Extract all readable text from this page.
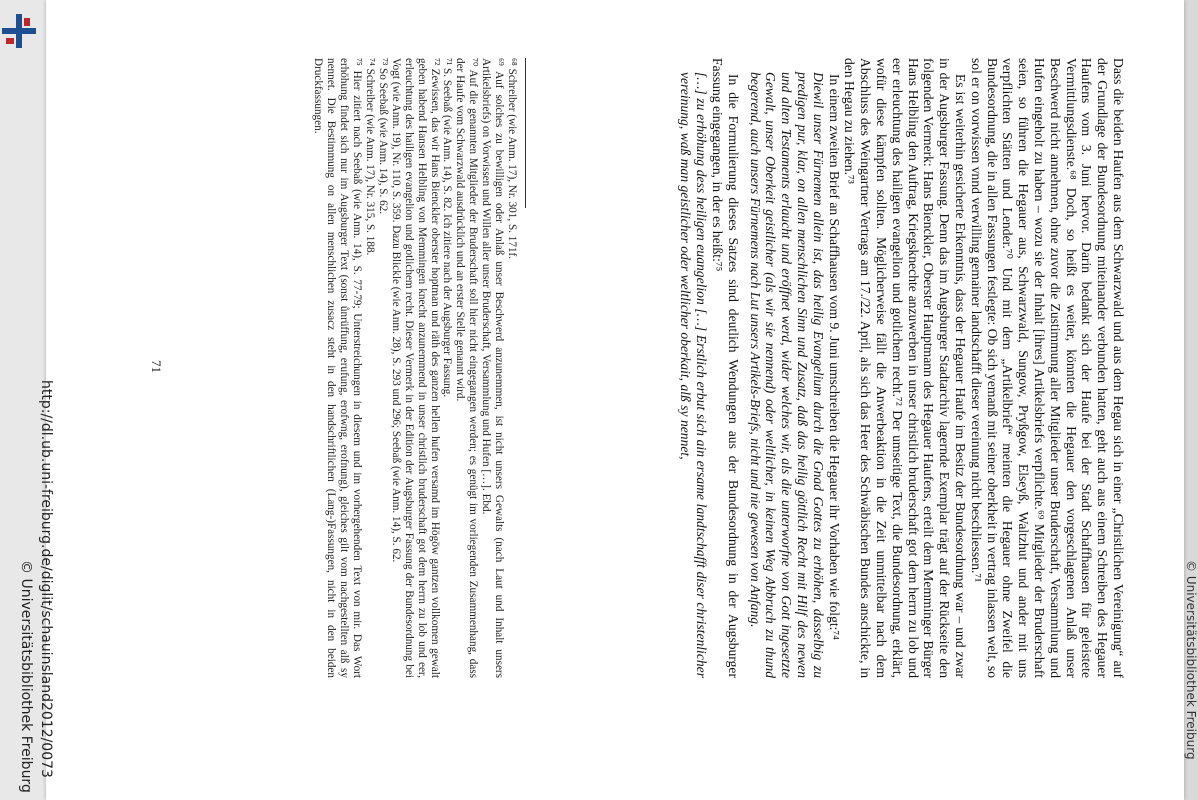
Dass die beiden Haufen aus dem Schwarzwald und aus dem Hegau sich in einer „Christlichen Vereinigung“ auf der Grundlage der Bundesordnung miteinander verbunden hatten, geht auch aus einem Schreiben des Hegauer Haufens vom 3. Juni hervor. Darin bedankt sich der Haufe bei der Stadt Schaffhausen für geleistete Vermittlungsdienste.⁶⁸ Doch, so heißt es weiter, könnten die Hegauer den vorgeschlagenen Anlaß unser Beschwerd nicht annehmen, ohne zuvor die Zustimmung aller Mitglieder unser Bruderschaft, Versammlung und Hufen eingeholt zu haben – wozu sie der Inhalt [ihres] Artikelsbriefs verpflichte.⁶⁹ Mitglieder der Bruderschaft seien, so führen die Hegauer aus, Schwarzwald, Sungow, Pryßgow, Elseyß, Waltzhut und ander mit uns verpflichten Stätten und Lender.⁷⁰ Und mit dem „Artikelbrief“ meinten die Hegauer ohne Zweifel die Bundesordnung, die in allen Fassungen festlegte: Ob sich yemanß mit seiner oberkheit in vertrag inlassen welt, so sol er on vorwissen vnnd verwilling gemainer landtschafft dieser vereinung nicht beschliessen.⁷¹

Es ist weiterhin gesicherte Erkenntnis, dass der Hegauer Haufe im Besitz der Bundesordnung war – und zwar in der Augsburger Fassung. Denn das im Augsburger Stadtarchiv lagernde Exemplar trägt auf der Rückseite den folgenden Vermerk: Hans Bienckler, Oberster Hauptmann des Hegauer Haufens, erteilt dem Memminger Bürger Hans Helbling den Auftrag, Kriegsknechte anzuwerben in unser christlich bruderschaft got dem herrn zu lob und eer erleuchtung des hailigen evangelion und gotlichem recht.⁷² Der umseitige Text, die Bundesordnung, erklärt, wofür diese kämpfen sollten. Möglicherweise fällt die Anwerbeaktion in die Zeit unmittelbar nach dem Abschluss des Weingartner Vertrags am 17./22. April, als sich das Heer des Schwäbischen Bundes anschickte, in den Hegau zu ziehen.⁷³

In einem zweiten Brief an Schaffhausen vom 9. Juni umschreiben die Hegauer ihr Vorhaben wie folgt:⁷⁴

Diewil unser Fürnemen allein ist, das heilig Evangelium durch die Gnad Gottes zu erhöhen, dasselbig zu predigen pur, klar, on allen menschlichen Sinn und Zusatz, daß das heilig göttlich Recht mit Hilf des newen und alten Testaments erlaucht und eröffnet werd, wider welches wir, als die unterworfne von Gott ingesetzte Gewalt, unser Oberkeit geistlicher (als wir sie nennend) oder weltlicher, in keinen Weg Abbruch zu thund begerend, auch unsers Fürnemens nach Lut unsers Artikels-Briefs, nicht und nie gewesen von Anfang.

In die Formulierung dieses Satzes sind deutlich Wendungen aus der Bundesordnung in der Augsburger Fassung eingegangen, in der es heißt:⁷⁵

[…] zu erhöhung dess heiligen euangelion […] Erstlich erbut sich ain ersame landtschafft diser christenlicher vereinung, waß man geistlicher oder weltlicher oberkait, alß sy nennet,

⁶⁸ Schreiber (wie Anm. 17), Nr. 301, S. 171f.

⁶⁹ Auf solches zu bewilligen oder Anlaß unser Beschwerd anzunemmen, ist nicht unsers Gewalts (nach Laut und Inhalt unsers Artikelsbriefs) on Vorwissen und Willen aller unser Bruderschaft, Versammlung und Hufen […]. Ebd.

⁷⁰ Auf die genannten Mitglieder der Bruderschaft soll hier nicht eingegangen werden; es genügt im vorliegenden Zusammenhang, dass der Haufe vom Schwarzwald ausdrücklich und an erster Stelle genannt wird.

⁷¹ S. Seebaß (wie Anm. 14), S. 82. Ich zitiere nach der Augsburger Fassung.

⁷² Zewissen, das wir Hans Bienckler oberster hoptman und räth des ganzen hellen hufen versamd im Högöw gantzen vollkomen gewalt geben habend Hansen Helbling von Memmingen knecht anzunemmend in unser christlich bruderschaft got dem herrn zu lob und eer, erleuchtung des hailigen evangelion und gotlichem recht. Dieser Vermerk in der Edition der Augsburger Fassung der Bundesordnung bei Vogt (wie Anm. 19), Nr. 110, S. 359. Dazu Blickle (wie Anm. 28), S. 293 und 296; Seebaß (wie Anm. 14), S. 62.

⁷³ So Seebaß (wie Anm. 14), S. 62.

⁷⁴ Schreiber (wie Anm. 17), Nr. 315, S. 188.

⁷⁵ Hier zitiert nach Seebaß (wie Anm. 14), S. 77-79; Unterstreichungen in diesem und im vorhergehenden Text von mir. Das Wort erhöhung findet sich nur im Augsburger Text (sonst ůnrüffung, erufung, erofwng, erofnung), gleiches gilt vom nachgestellten alß sy nennet. Die Bestimmung on allen menschlichen zusacz steht in den handschriftlichen (Lang-)Fassungen, nicht in den beiden Druckfassungen.

71
http://dl.ub.uni-freiburg.de/diglit/schauinsland2012/0073
© Universitätsbibliothek Freiburg	© Universitätsbibliothek Freiburg
